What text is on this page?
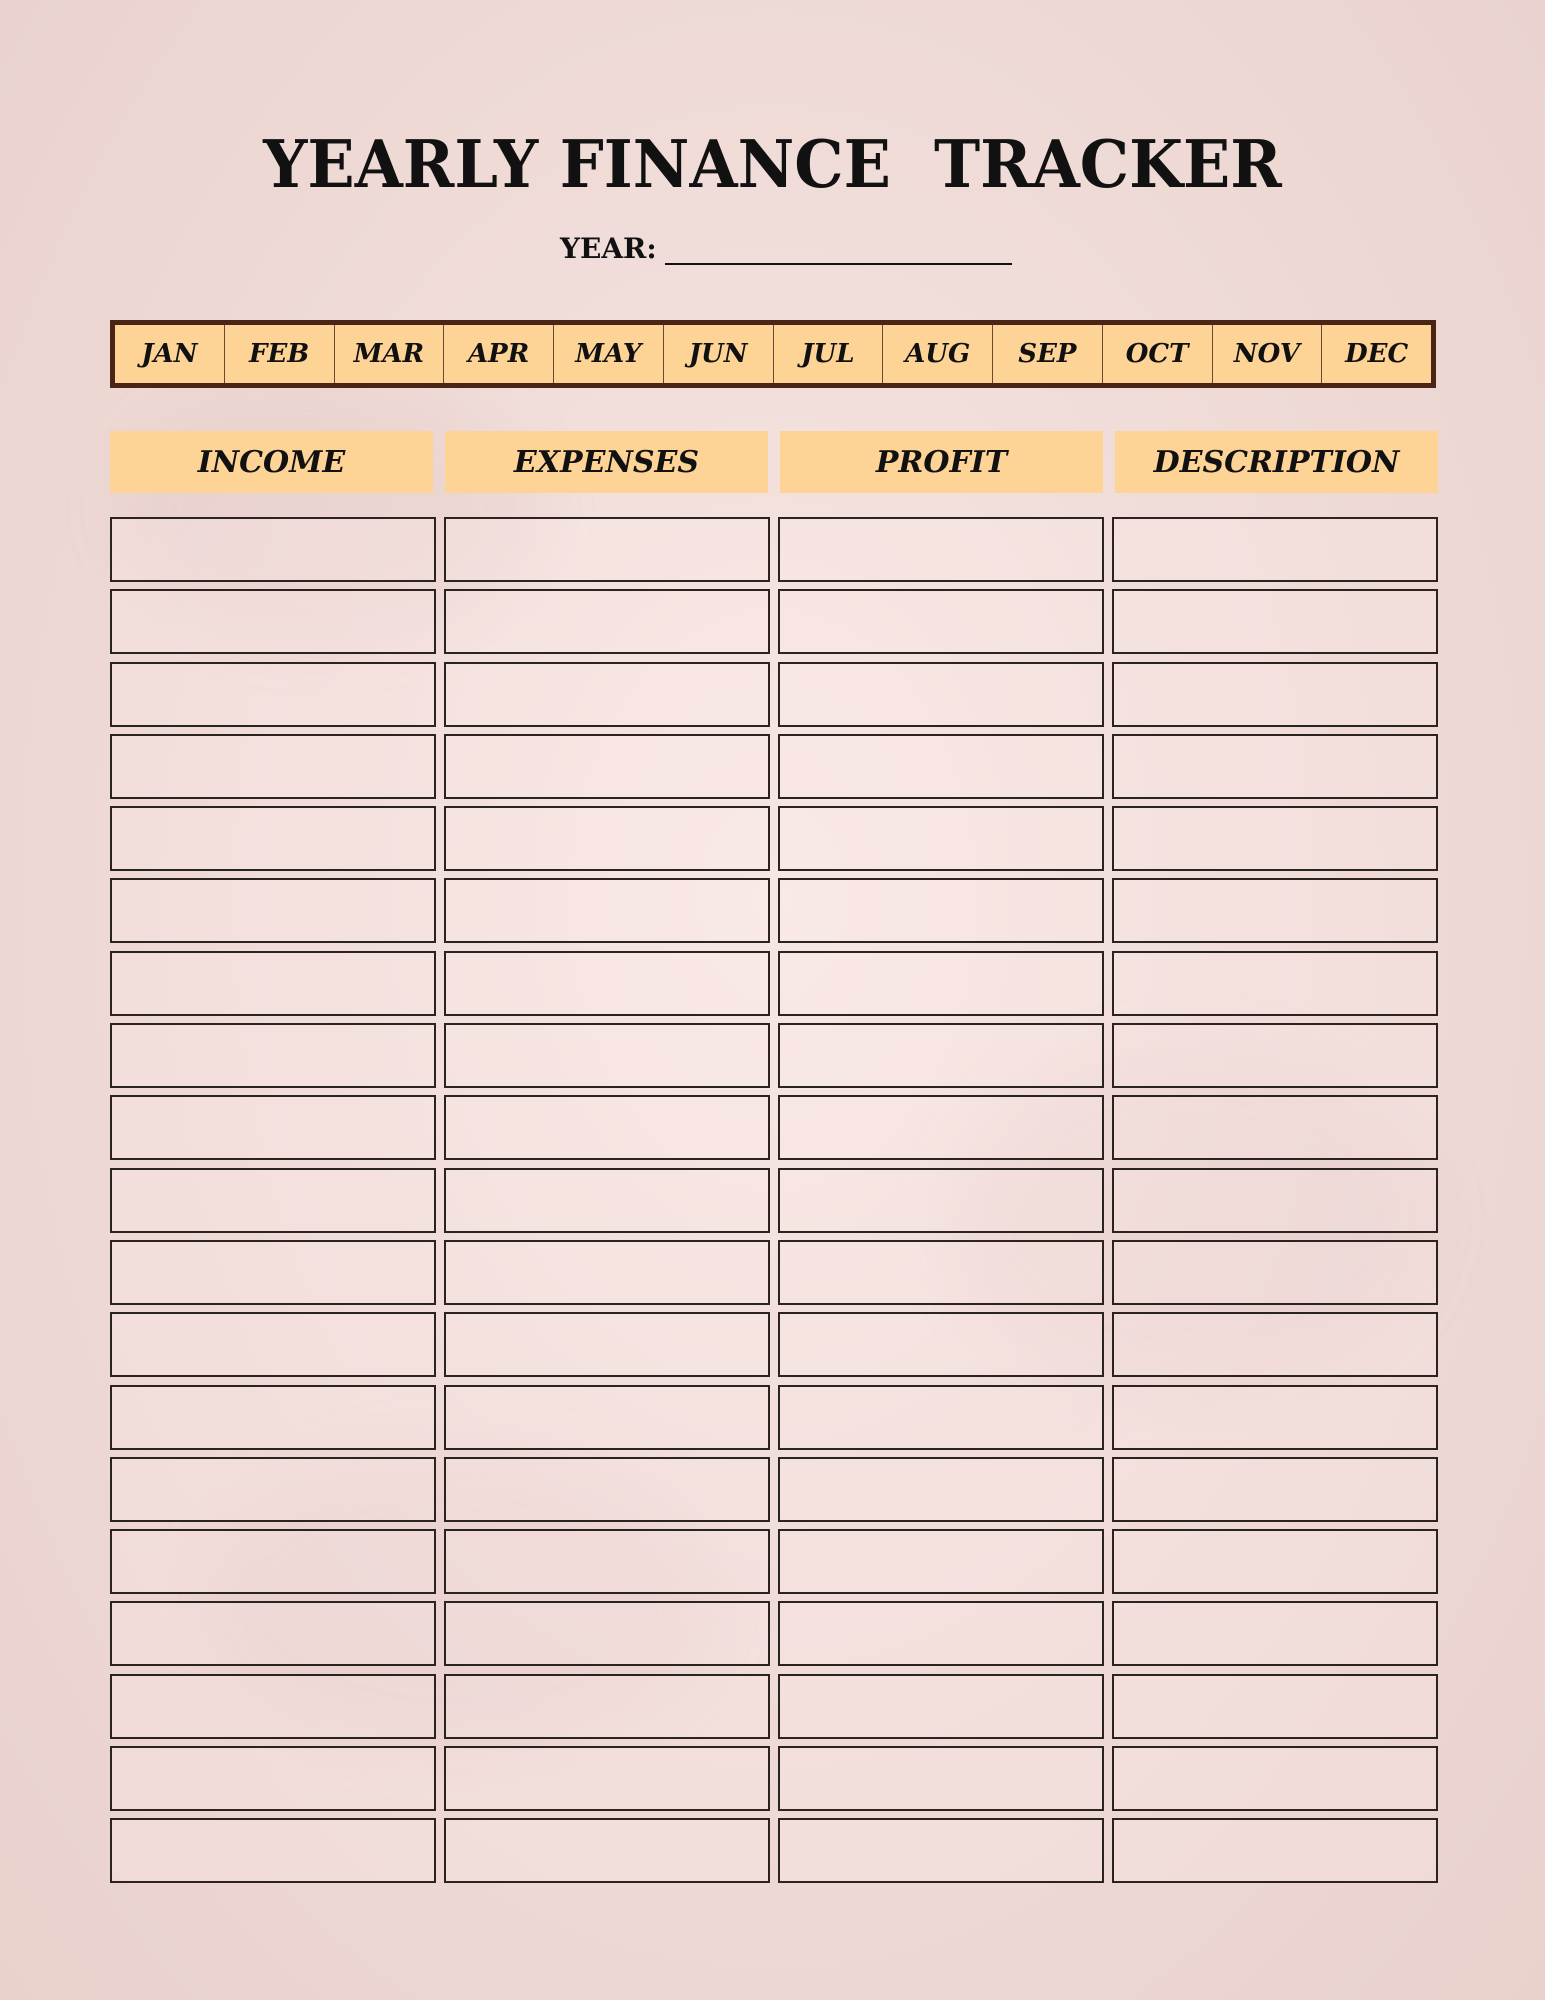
YEARLY FINANCE  TRACKER
YEAR:
JAN	FEB	MAR	APR	MAY	JUN	JUL	AUG	SEP	OCT	NOV	DEC
INCOME	EXPENSES	PROFIT	DESCRIPTION
